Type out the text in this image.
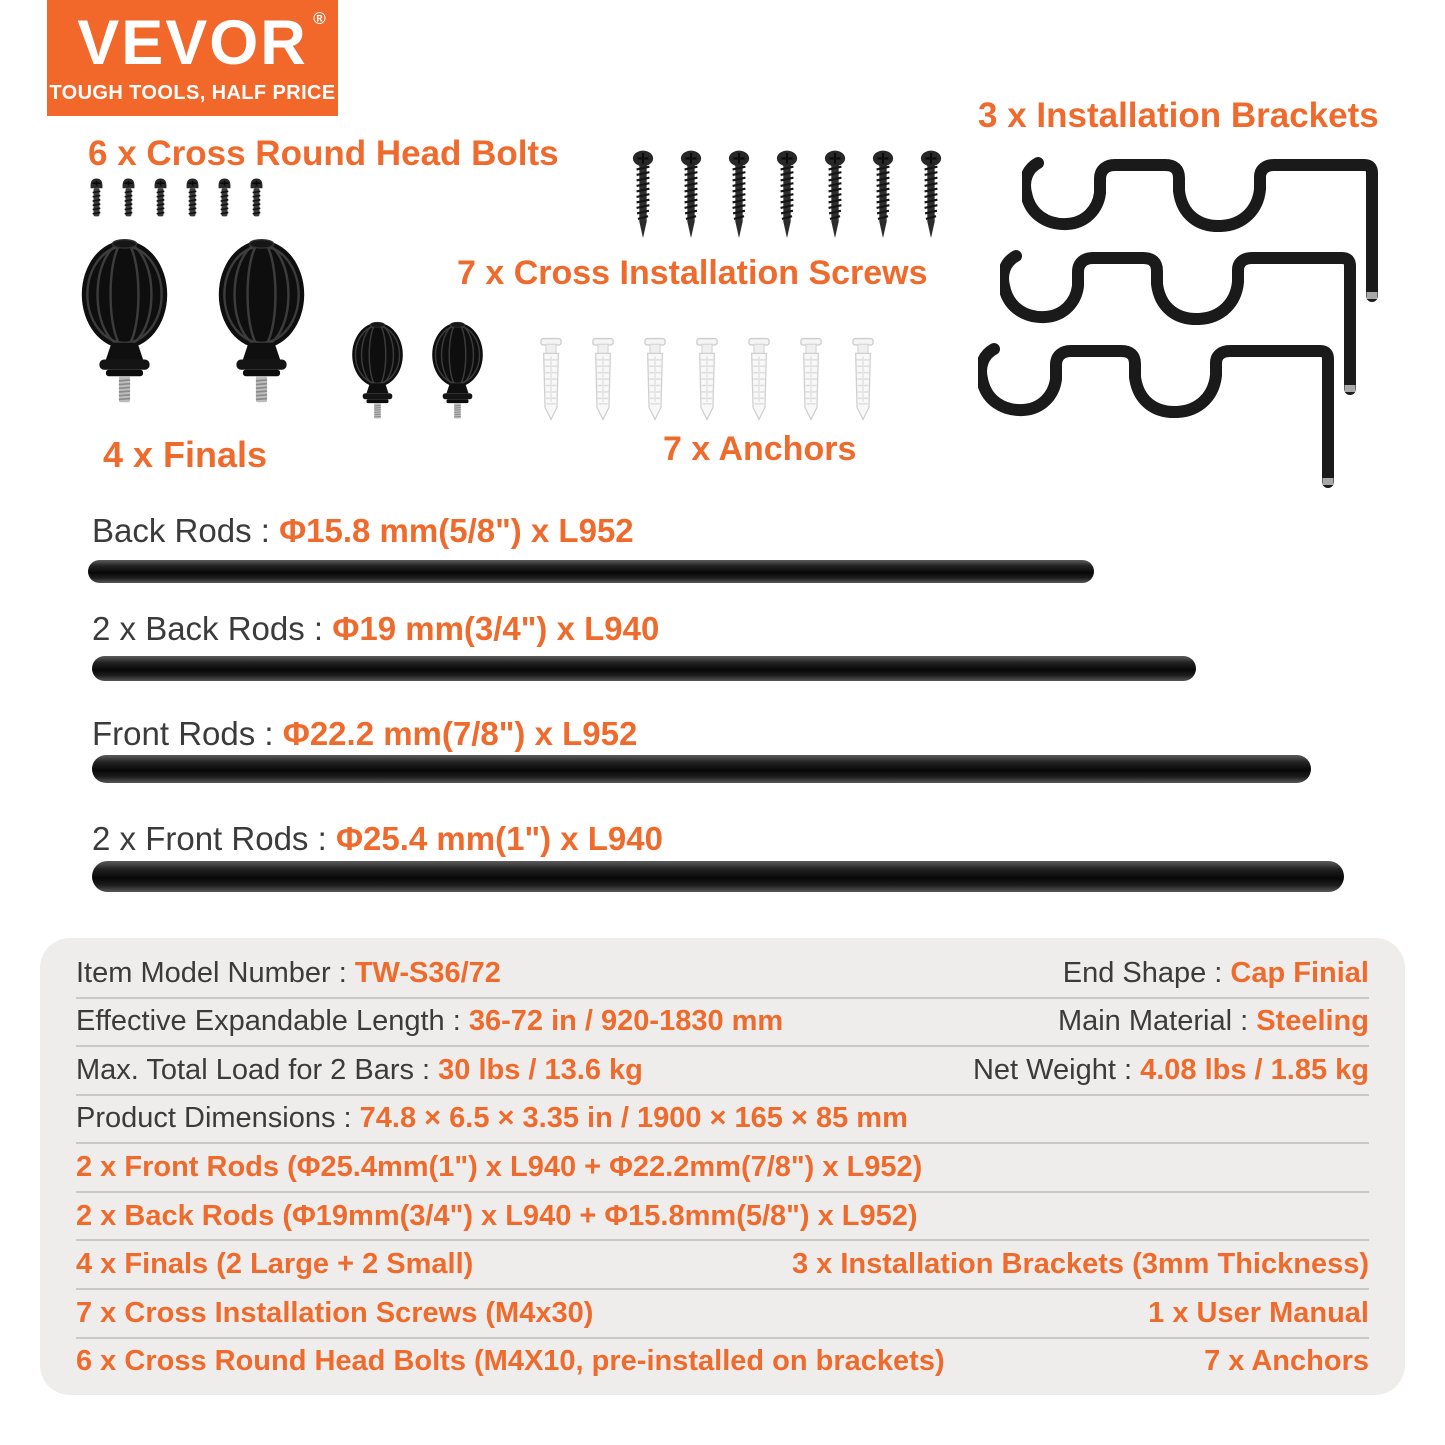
VEVOR ®
TOUGH TOOLS, HALF PRICE
6 x Cross Round Head Bolts
3 x Installation Brackets
7 x Cross Installation Screws
7 x Anchors
4 x Finals
Back Rods : Φ15.8 mm(5/8") x L952
2 x Back Rods : Φ19 mm(3/4") x L940
Front Rods : Φ22.2 mm(7/8") x L952
2 x Front Rods : Φ25.4 mm(1") x L940
Item Model Number : TW-S36/72	End Shape : Cap Finial
Effective Expandable Length : 36-72 in / 920-1830 mm	Main Material : Steeling
Max. Total Load for 2 Bars : 30 lbs / 13.6 kg	Net Weight : 4.08 lbs / 1.85 kg
Product Dimensions : 74.8 × 6.5 × 3.35 in / 1900 × 165 × 85 mm
2 x Front Rods (Φ25.4mm(1") x L940 + Φ22.2mm(7/8") x L952)
2 x Back Rods (Φ19mm(3/4") x L940 + Φ15.8mm(5/8") x L952)
4 x Finals (2 Large + 2 Small)	3 x Installation Brackets (3mm Thickness)
7 x Cross Installation Screws (M4x30)	1 x User Manual
6 x Cross Round Head Bolts (M4X10, pre-installed on brackets)	7 x Anchors
